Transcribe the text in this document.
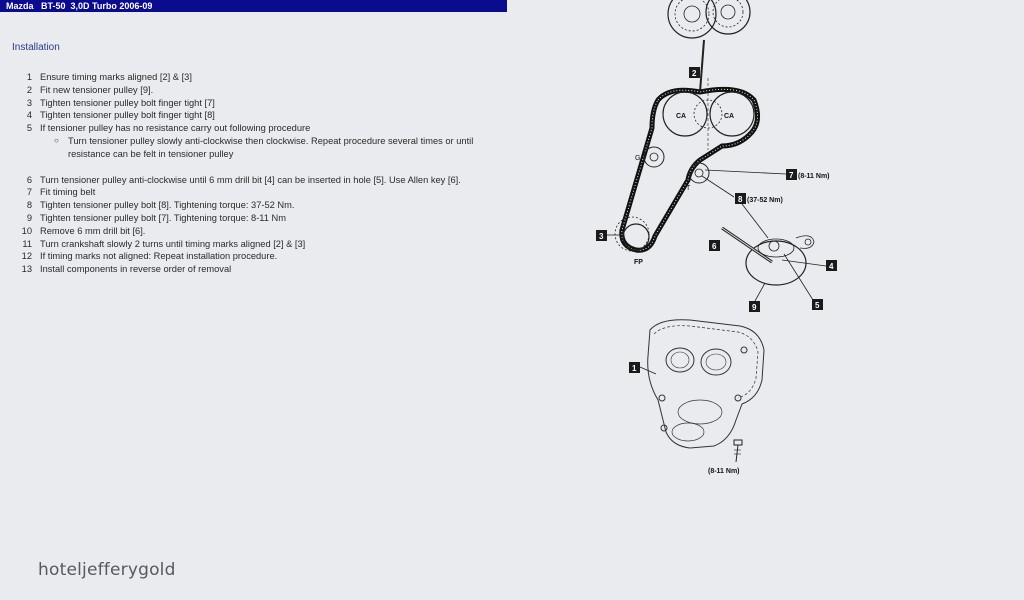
Mazda   BT-50  3,0D Turbo 2006-09
Installation
1 Ensure timing marks aligned [2] & [3]
2 Fit new tensioner pulley [9].
3 Tighten tensioner pulley bolt finger tight [7]
4 Tighten tensioner pulley bolt finger tight [8]
5 If tensioner pulley has no resistance carry out following procedure
○ Turn tensioner pulley slowly anti-clockwise then clockwise. Repeat procedure several times or until resistance can be felt in tensioner pulley
6 Turn tensioner pulley anti-clockwise until 6 mm drill bit [4] can be inserted in hole [5]. Use Allen key [6].
7 Fit timing belt
8 Tighten tensioner pulley bolt [8]. Tightening torque: 37-52 Nm.
9 Tighten tensioner pulley bolt [7]. Tightening torque: 8-11 Nm
10 Remove 6 mm drill bit [6].
11 Turn crankshaft slowly 2 turns until timing marks aligned [2] & [3]
12 If timing marks not aligned: Repeat installation procedure.
13 Install components in reverse order of removal
CA	CA
G
T
FP
2
3
7 (8-11 Nm)
8 (37-52 Nm)
6
4
5
9
1
(8-11 Nm)
hoteljefferygold
